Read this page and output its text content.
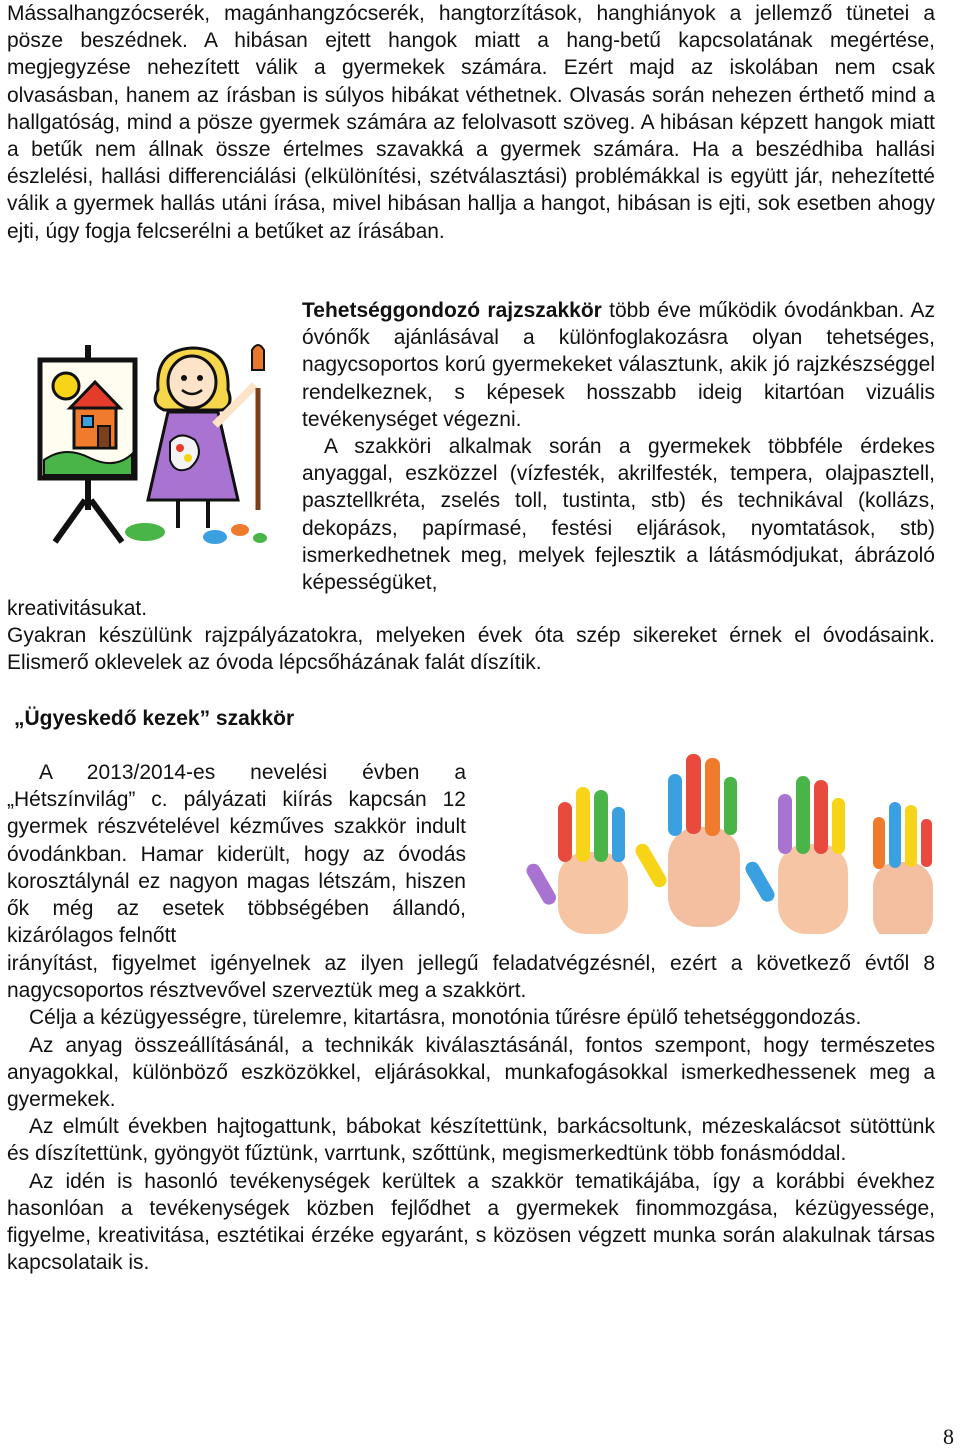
Mássalhangzócserék, magánhangzócserék, hangtorzítások, hanghiányok a jellemző tünetei a pösze beszédnek. A hibásan ejtett hangok miatt a hang-betű kapcsolatának megértése, megjegyzése nehezített válik a gyermekek számára. Ezért majd az iskolában nem csak olvasásban, hanem az írásban is súlyos hibákat véthetnek. Olvasás során nehezen érthető mind a hallgatóság, mind a pösze gyermek számára az felolvasott szöveg. A hibásan képzett hangok miatt a betűk nem állnak össze értelmes szavakká a gyermek számára. Ha a beszédhiba hallási észlelési, hallási differenciálási (elkülönítési, szétválasztási) problémákkal is együtt jár, nehezítetté válik a gyermek hallás utáni írása, mivel hibásan hallja a hangot, hibásan is ejti, sok esetben ahogy ejti, úgy fogja felcserélni a betűket az írásában.

Tehetséggondozó rajzszakkör több éve működik óvodánkban. Az óvónők ajánlásával a különfoglakozásra olyan tehetséges, nagycsoportos korú gyermekeket választunk, akik jó rajzkészséggel rendelkeznek, s képesek hosszabb ideig kitartóan vizuális tevékenységet végezni.

A szakköri alkalmak során a gyermekek többféle érdekes anyaggal, eszközzel (vízfesték, akrilfesték, tempera, olajpasztell, pasztellkréta, zselés toll, tustinta, stb) és technikával (kollázs, dekopázs, papírmasé, festési eljárások, nyomtatások, stb) ismerkedhetnek meg, melyek fejlesztik a látásmódjukat, ábrázoló képességüket,

kreativitásukat.

Gyakran készülünk rajzpályázatokra, melyeken évek óta szép sikereket érnek el óvodásaink. Elismerő oklevelek az óvoda lépcsőházának falát díszítik.

„Ügyeskedő kezek” szakkör

A 2013/2014-es nevelési évben a „Hétszínvilág” c. pályázati kiírás kapcsán 12 gyermek részvételével kézműves szakkör indult óvodánkban. Hamar kiderült, hogy az óvodás korosztálynál ez nagyon magas létszám, hiszen ők még az esetek többségében állandó, kizárólagos felnőtt

irányítást, figyelmet igényelnek az ilyen jellegű feladatvégzésnél, ezért a következő évtől 8 nagycsoportos résztvevővel szerveztük meg a szakkört.

Célja a kézügyességre, türelemre, kitartásra, monotónia tűrésre épülő tehetséggondozás.

Az anyag összeállításánál, a technikák kiválasztásánál, fontos szempont, hogy természetes anyagokkal, különböző eszközökkel, eljárásokkal, munkafogásokkal ismerkedhessenek meg a gyermekek.

Az elmúlt években hajtogattunk, bábokat készítettünk, barkácsoltunk, mézeskalácsot sütöttünk és díszítettünk, gyöngyöt fűztünk, varrtunk, szőttünk, megismerkedtünk több fonásmóddal.

Az idén is hasonló tevékenységek kerültek a szakkör tematikájába, így a korábbi évekhez hasonlóan a tevékenységek közben fejlődhet a gyermekek finommozgása, kézügyessége, figyelme, kreativitása, esztétikai érzéke egyaránt, s közösen végzett munka során alakulnak társas kapcsolataik is.

8
